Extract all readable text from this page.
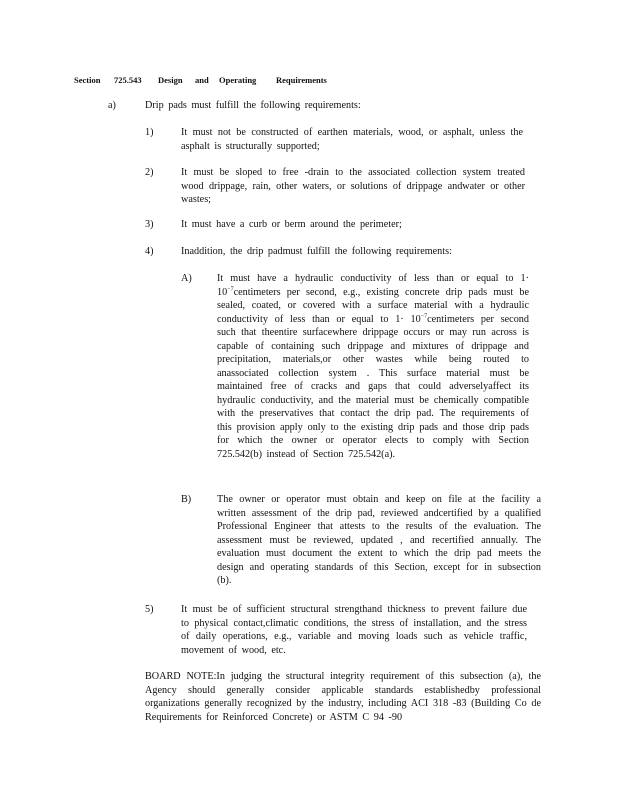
Section 725.543 Design and Operating Requirements
a)	Drip pads must fulfill the following requirements:
1)	It must not be constructed of earthen materials, wood, or asphalt, unless the asphalt is structurally supported;
2)	It must be sloped to free -drain to the associated collection system treated wood drippage, rain, other waters, or solutions of drippage andwater or other wastes;
3)	It must have a curb or berm around the perimeter;
4)	Inaddition, the drip padmust fulfill the following requirements:
A) It must have a hydraulic conductivity of less than or equal to $1\cdot 10^{-7}centimeters$ per second, e.g., existing concrete drip pads must be sealed, coated, or covered with a surface material with a hydraulic conductivity of less than or equal to $1\cdot 10^{-7}centimeters$ per second such that theentire surfacewhere drippage occurs or may run across is capable of containing such drippage and mixtures of drippage and precipitation, materials,or other wastes while being routed to anassociated collection system . This surface material must be maintained free of cracks and gaps that could adverselyaffect its hydraulic conductivity, and the material must be chemically compatible with the preservatives that contact the drip pad. The requirements of this provision apply only to the existing drip pads and those drip pads for which the owner or operator elects to comply with Section 725.542(b) instead of Section 725.542(a).
B)	The owner or operator must obtain and keep on file at the facility a written assessment of the drip pad, reviewed andcertified by a qualified Professional Engineer that attests to the results of the evaluation. The assessment must be reviewed, updated , and recertified annually. The evaluation must document the extent to which the drip pad meets the design and operating standards of this Section, except for in subsection (b).
5)	It must be of sufficient structural strengthand thickness to prevent failure due to physical contact,climatic conditions, the stress of installation, and the stress of daily operations, e.g., variable and moving loads such as vehicle traffic, movement of wood, etc.
BOARD NOTE:In judging the structural integrity requirement of this subsection (a), the Agency should generally consider applicable standards establishedby professional organizations generally recognized by the industry, including ACI 318 -83 (Building Co de Requirements for Reinforced Concrete) or ASTM C 94 -90
